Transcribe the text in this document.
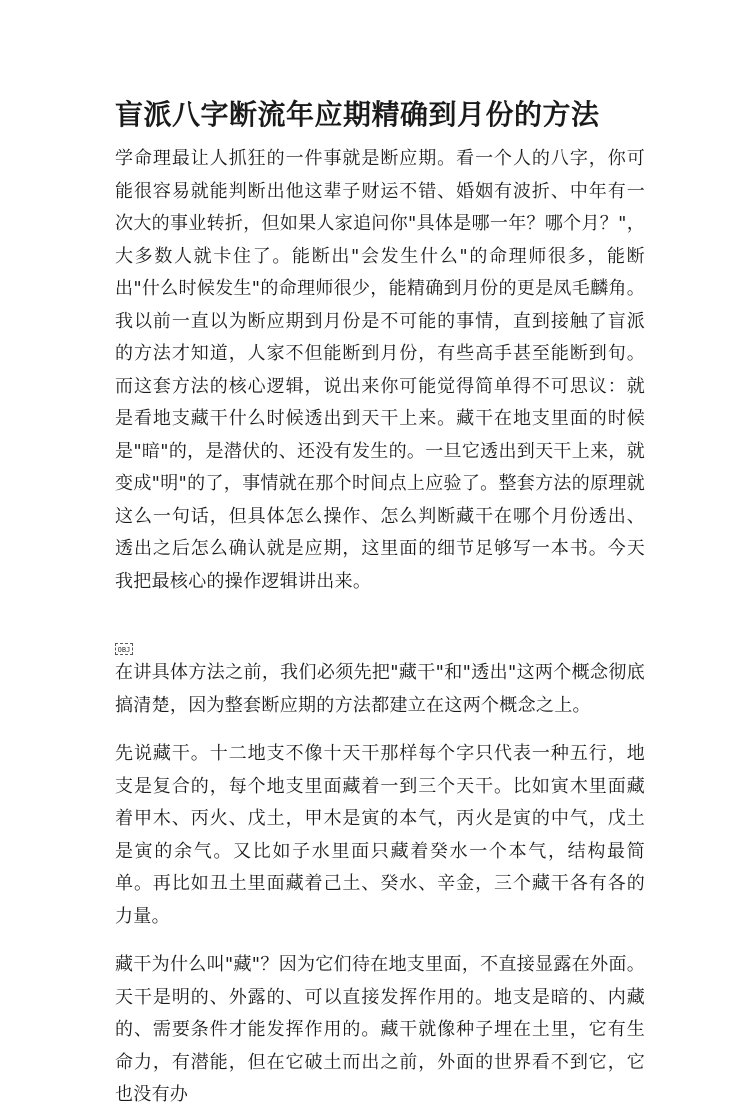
盲派八字断流年应期精确到月份的方法

学命理最让人抓狂的一件事就是断应期。看一个人的八字，你可能很容易就能判断出他这辈子财运不错、婚姻有波折、中年有一次大的事业转折，但如果人家追问你"具体是哪一年？哪个月？"，大多数人就卡住了。能断出"会发生什么"的命理师很多，能断出"什么时候发生"的命理师很少，能精确到月份的更是凤毛麟角。我以前一直以为断应期到月份是不可能的事情，直到接触了盲派的方法才知道，人家不但能断到月份，有些高手甚至能断到旬。而这套方法的核心逻辑，说出来你可能觉得简单得不可思议：就是看地支藏干什么时候透出到天干上来。藏干在地支里面的时候是"暗"的，是潜伏的、还没有发生的。一旦它透出到天干上来，就变成"明"的了，事情就在那个时间点上应验了。整套方法的原理就这么一句话，但具体怎么操作、怎么判断藏干在哪个月份透出、透出之后怎么确认就是应期，这里面的细节足够写一本书。今天我把最核心的操作逻辑讲出来。

OBJ

在讲具体方法之前，我们必须先把"藏干"和"透出"这两个概念彻底搞清楚，因为整套断应期的方法都建立在这两个概念之上。

先说藏干。十二地支不像十天干那样每个字只代表一种五行，地支是复合的，每个地支里面藏着一到三个天干。比如寅木里面藏着甲木、丙火、戊土，甲木是寅的本气，丙火是寅的中气，戊土是寅的余气。又比如子水里面只藏着癸水一个本气，结构最简单。再比如丑土里面藏着己土、癸水、辛金，三个藏干各有各的力量。

藏干为什么叫"藏"？因为它们待在地支里面，不直接显露在外面。天干是明的、外露的、可以直接发挥作用的。地支是暗的、内藏的、需要条件才能发挥作用的。藏干就像种子埋在土里，它有生命力，有潜能，但在它破土而出之前，外面的世界看不到它，它也没有办
